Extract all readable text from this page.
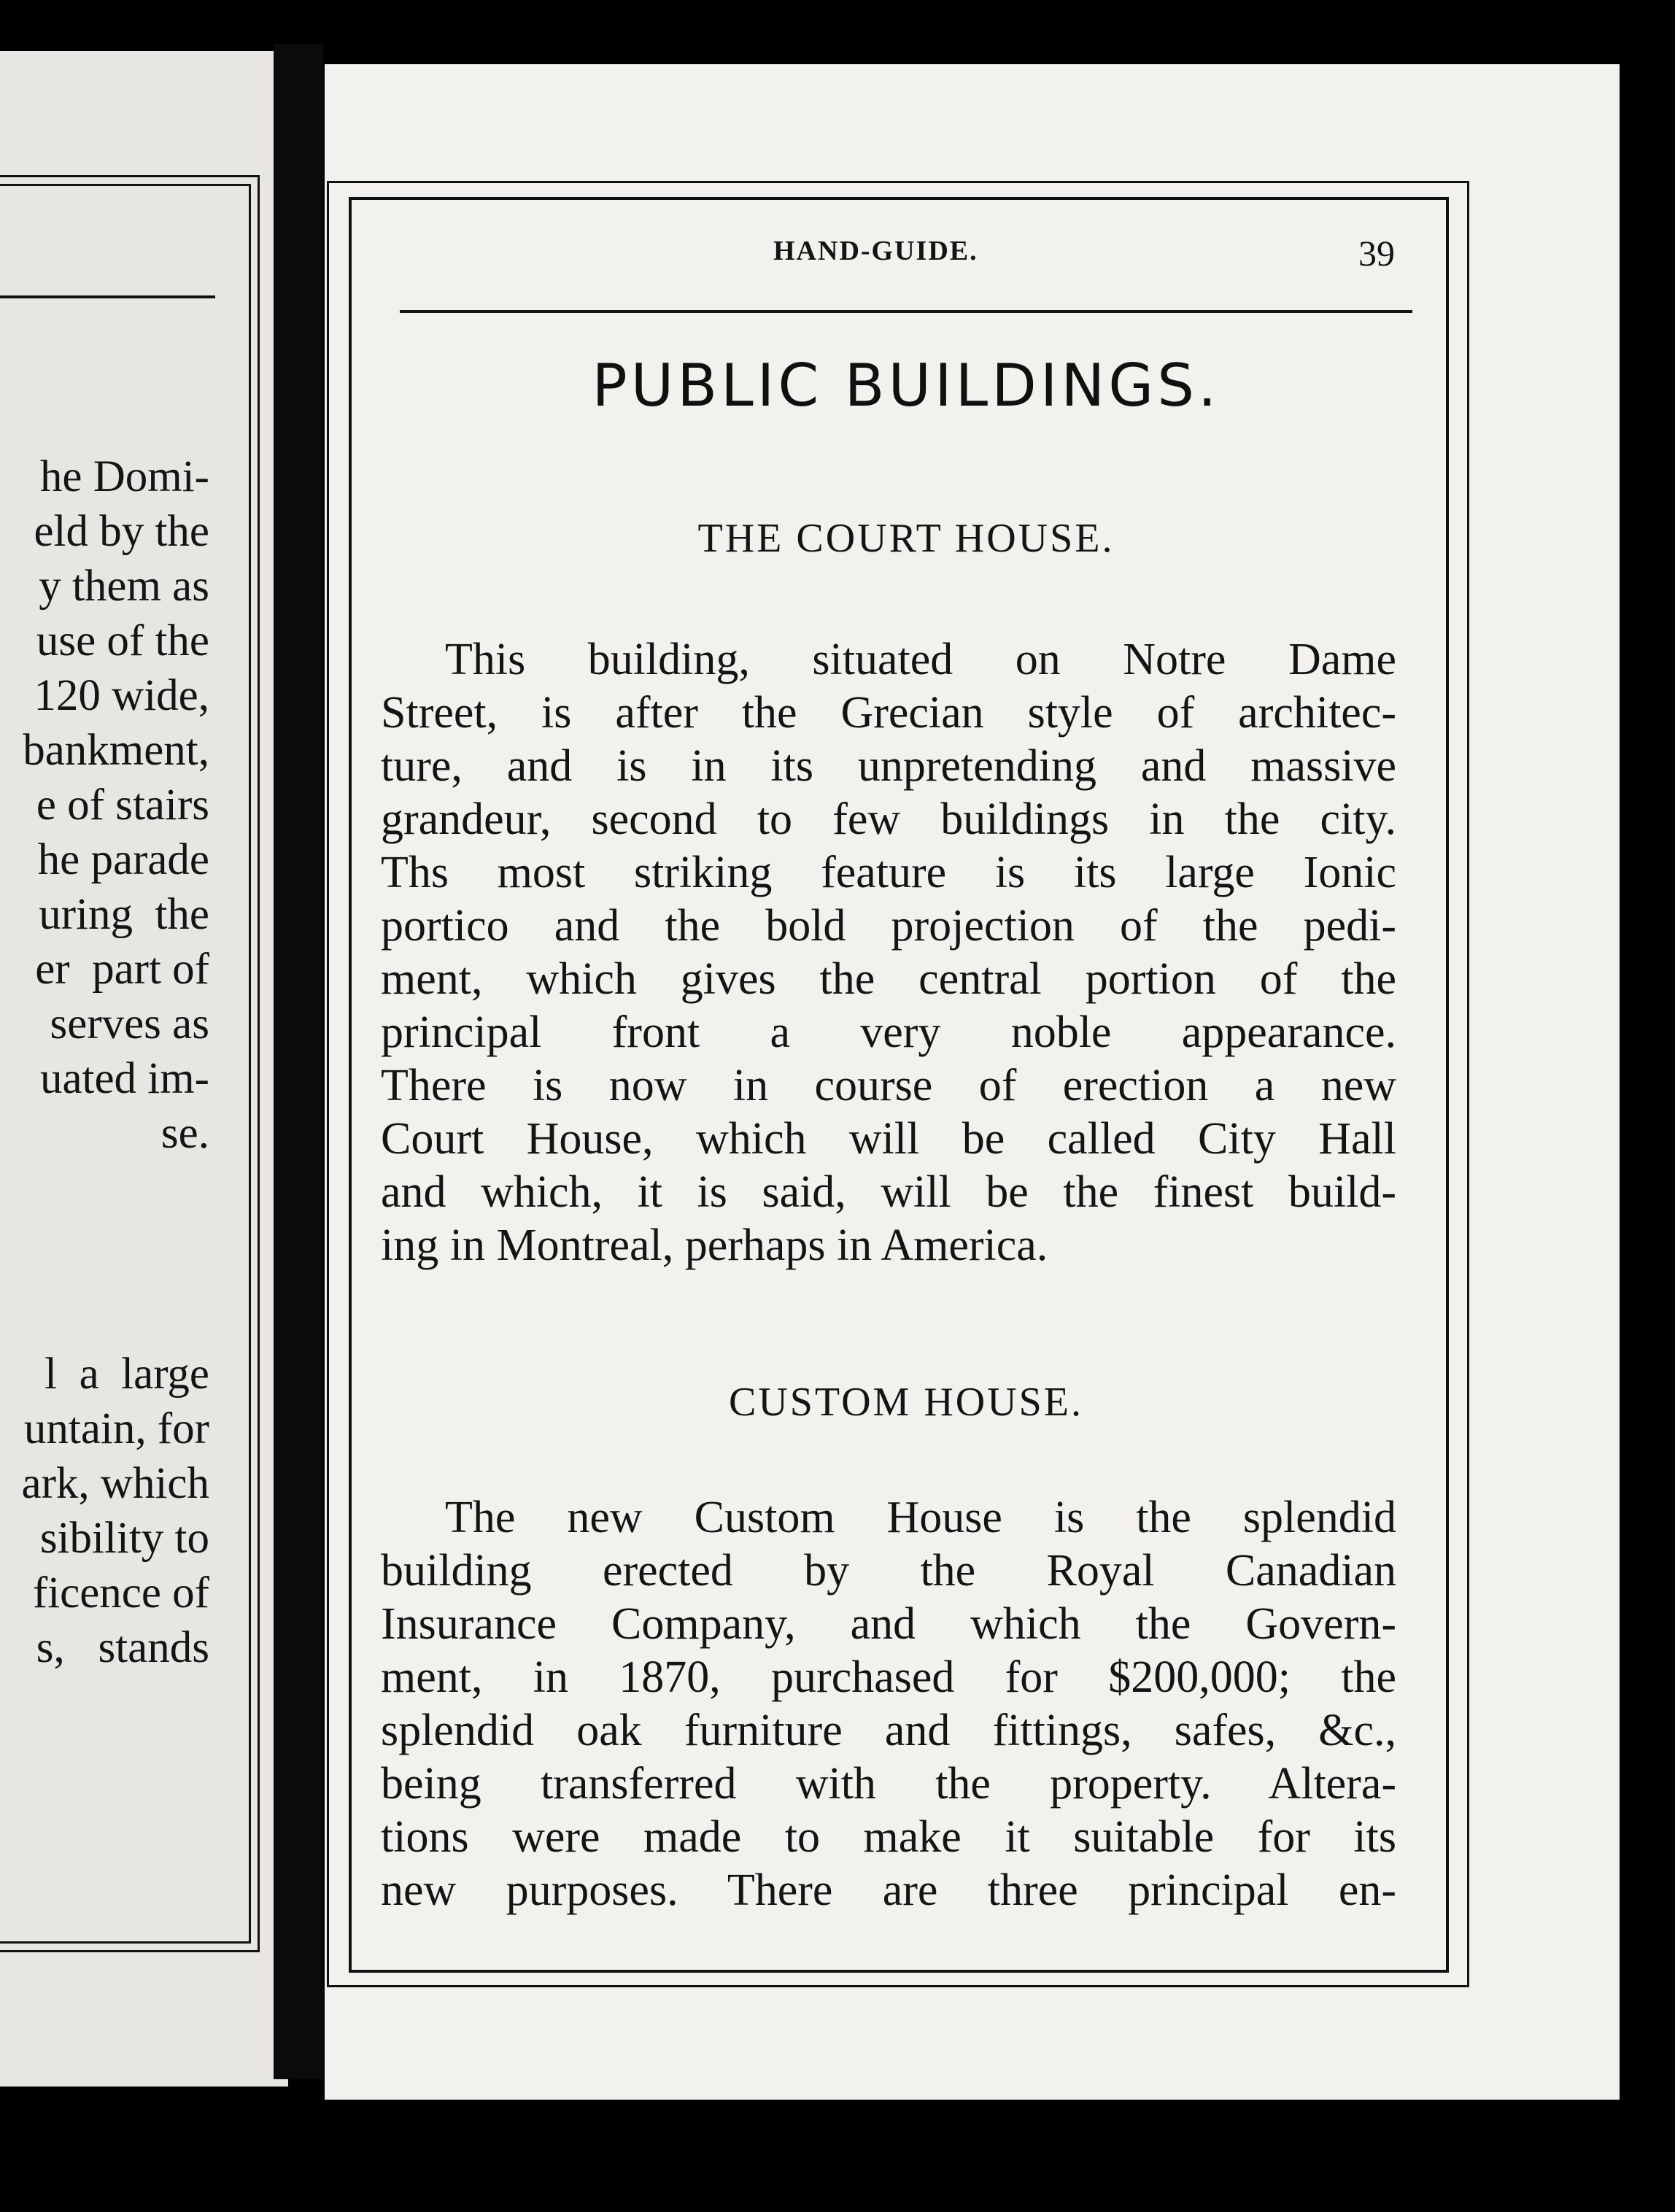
he Domi-
eld by the
y them as
use of the
120 wide,
bankment,
e of stairs
he parade
uring  the
er  part of
serves as
uated im-
se.
l  a  large
untain, for
ark, which
sibility to
ficence of
s,   stands
HAND-GUIDE.	39
PUBLIC BUILDINGS.
THE COURT HOUSE.
This building, situated on Notre Dame
Street, is after the Grecian style of architec-
ture, and is in its unpretending and massive
grandeur, second to few buildings in the city.
Ths most striking feature is its large Ionic
portico and the bold projection of the pedi-
ment, which gives the central portion of the
principal front a very noble appearance.
There is now in course of erection a new
Court House, which will be called City Hall
and which, it is said, will be the finest build-
ing in Montreal, perhaps in America.
CUSTOM HOUSE.
The new Custom House is the splendid
building erected by the Royal Canadian
Insurance Company, and which the Govern-
ment, in 1870, purchased for $200,000; the
splendid oak furniture and fittings, safes, &c.,
being transferred with the property. Altera-
tions were made to make it suitable for its
new purposes. There are three principal en-
